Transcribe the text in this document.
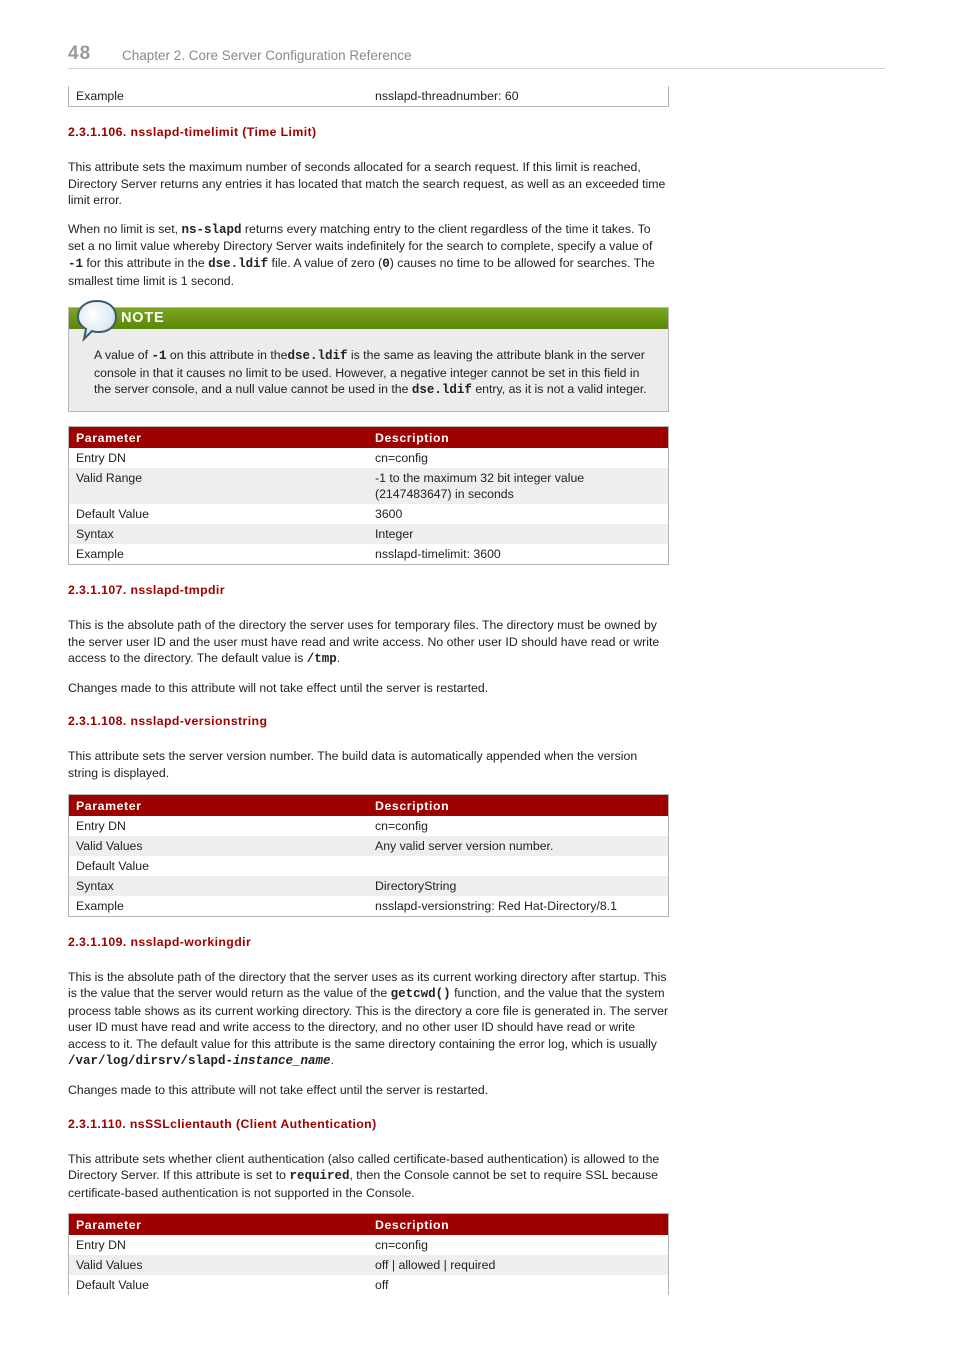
48 Chapter 2. Core Server Configuration Reference
Example	nsslapd-threadnumber: 60
2.3.1.106. nsslapd-timelimit (Time Limit)

This attribute sets the maximum number of seconds allocated for a search request. If this limit is reached, Directory Server returns any entries it has located that match the search request, as well as an exceeded time limit error.

When no limit is set, ns-slapd returns every matching entry to the client regardless of the time it takes. To set a no limit value whereby Directory Server waits indefinitely for the search to complete, specify a value of -1 for this attribute in the dse.ldif file. A value of zero (0) causes no time to be allowed for searches. The smallest time limit is 1 second.

NOTE
A value of -1 on this attribute in thedse.ldif is the same as leaving the attribute blank in the server console in that it causes no limit to be used. However, a negative integer cannot be set in this field in the server console, and a null value cannot be used in the dse.ldif entry, as it is not a valid integer.
Parameter	Description
Entry DN	cn=config
Valid Range	-1 to the maximum 32 bit integer value (2147483647) in seconds
Default Value	3600
Syntax	Integer
Example	nsslapd-timelimit: 3600
2.3.1.107. nsslapd-tmpdir

This is the absolute path of the directory the server uses for temporary files. The directory must be owned by the server user ID and the user must have read and write access. No other user ID should have read or write access to the directory. The default value is /tmp.

Changes made to this attribute will not take effect until the server is restarted.

2.3.1.108. nsslapd-versionstring

This attribute sets the server version number. The build data is automatically appended when the version string is displayed.

Parameter	Description
Entry DN	cn=config
Valid Values	Any valid server version number.
Default Value	
Syntax	DirectoryString
Example	nsslapd-versionstring: Red Hat-Directory/8.1
2.3.1.109. nsslapd-workingdir

This is the absolute path of the directory that the server uses as its current working directory after startup. This is the value that the server would return as the value of the getcwd() function, and the value that the system process table shows as its current working directory. This is the directory a core file is generated in. The server user ID must have read and write access to the directory, and no other user ID should have read or write access to it. The default value for this attribute is the same directory containing the error log, which is usually /var/log/dirsrv/slapd-instance_name.

Changes made to this attribute will not take effect until the server is restarted.

2.3.1.110. nsSSLclientauth (Client Authentication)

This attribute sets whether client authentication (also called certificate-based authentication) is allowed to the Directory Server. If this attribute is set to required, then the Console cannot be set to require SSL because certificate-based authentication is not supported in the Console.

Parameter	Description
Entry DN	cn=config
Valid Values	off | allowed | required
Default Value	off
